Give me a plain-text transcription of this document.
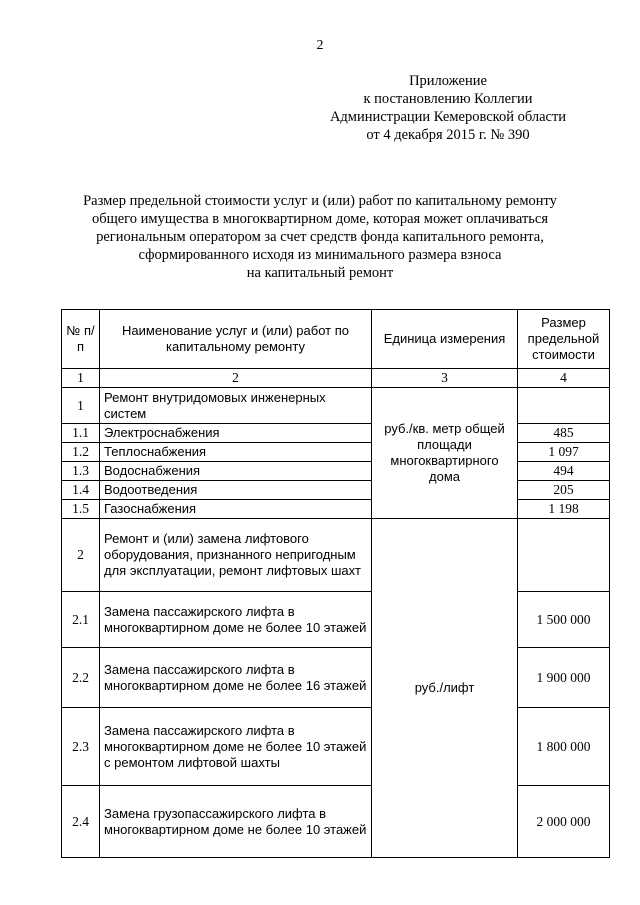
2
Приложение
к постановлению Коллегии
Администрации Кемеровской области
от 4 декабря 2015 г. № 390
Размер предельной стоимости услуг и (или) работ по капитальному ремонту
общего имущества в многоквартирном доме, которая может оплачиваться
региональным оператором за счет средств фонда капитального ремонта,
сформированного исходя из минимального размера взноса
на капитальный ремонт
№ п/п	Наименование услуг и (или) работ по капитальному ремонту	Единица измерения	Размер предельной стоимости
1	2	3	4
1	Ремонт внутридомовых инженерных систем	руб./кв. метр общей площади многоквартирного дома	
1.1	Электроснабжения		485
1.2	Теплоснабжения		1 097
1.3	Водоснабжения		494
1.4	Водоотведения		205
1.5	Газоснабжения		1 198
2	Ремонт и (или) замена лифтового оборудования, признанного непригодным для эксплуатации, ремонт лифтовых шахт	руб./лифт	
2.1	Замена пассажирского лифта в многоквартирном доме не более 10 этажей		1 500 000
2.2	Замена пассажирского лифта в многоквартирном доме не более 16 этажей		1 900 000
2.3	Замена пассажирского лифта в многоквартирном доме не более 10 этажей с ремонтом лифтовой шахты		1 800 000
2.4	Замена грузопассажирского лифта в многоквартирном доме не более 10 этажей		2 000 000
